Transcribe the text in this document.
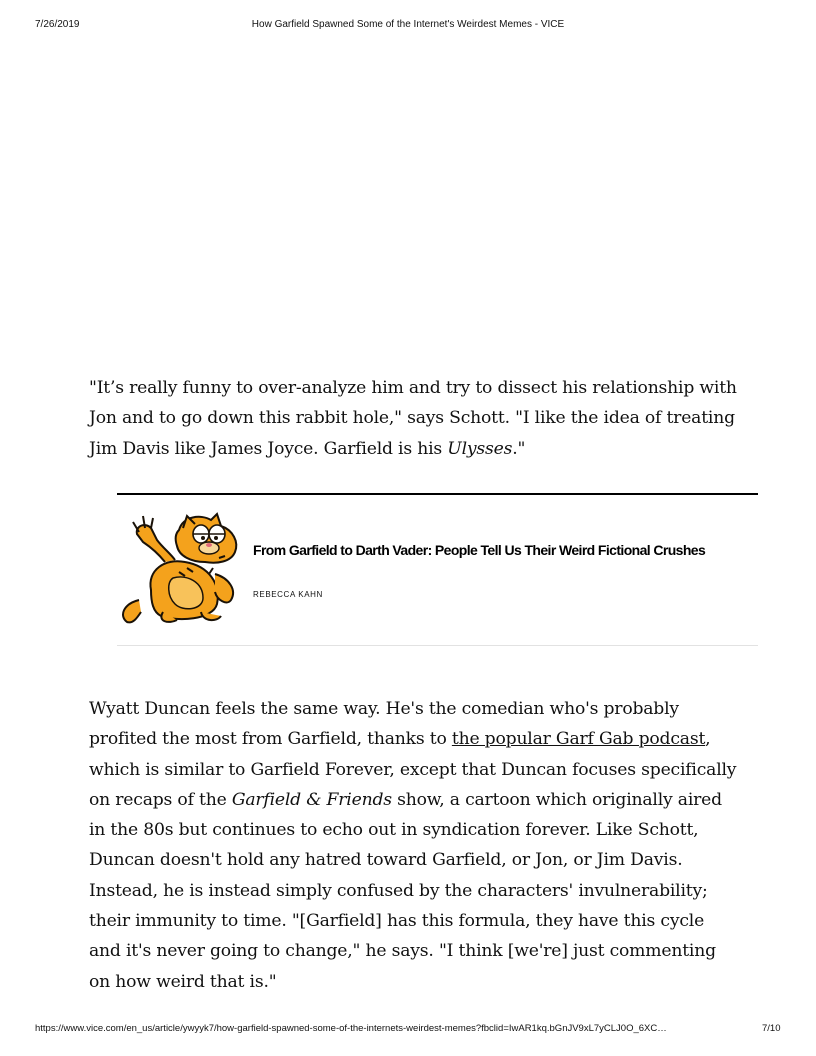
7/26/2019	How Garfield Spawned Some of the Internet's Weirdest Memes - VICE

"It’s really funny to over-analyze him and try to dissect his relationship with Jon and to go down this rabbit hole," says Schott. "I like the idea of treating Jim Davis like James Joyce. Garfield is his Ulysses."

From Garfield to Darth Vader: People Tell Us Their Weird Fictional Crushes
REBECCA KAHN

Wyatt Duncan feels the same way. He's the comedian who's probably profited the most from Garfield, thanks to the popular Garf Gab podcast, which is similar to Garfield Forever, except that Duncan focuses specifically on recaps of the Garfield & Friends show, a cartoon which originally aired in the 80s but continues to echo out in syndication forever. Like Schott, Duncan doesn't hold any hatred toward Garfield, or Jon, or Jim Davis. Instead, he is instead simply confused by the characters' invulnerability; their immunity to time. "[Garfield] has this formula, they have this cycle and it's never going to change," he says. "I think [we're] just commenting on how weird that is."

https://www.vice.com/en_us/article/ywyyk7/how-garfield-spawned-some-of-the-internets-weirdest-memes?fbclid=IwAR1kq.bGnJV9xL7yCLJ0O_6XC…	7/10
